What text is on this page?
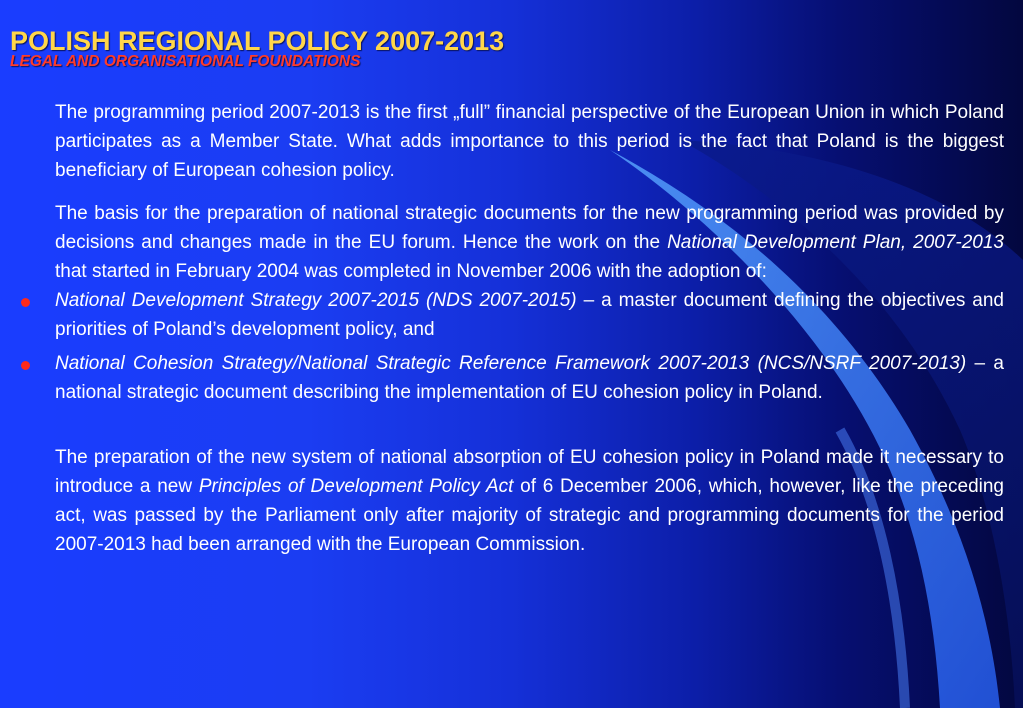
POLISH REGIONAL POLICY 2007-2013
LEGAL AND ORGANISATIONAL FOUNDATIONS

The programming period 2007-2013 is the first „full” financial perspective of the European Union in which Poland participates as a Member State. What adds importance to this period is the fact that Poland is the biggest beneficiary of European cohesion policy.

The basis for the preparation of national strategic documents for the new programming period was provided by decisions and changes made in the EU forum. Hence the work on the National Development Plan, 2007-2013 that started in February 2004 was completed in November 2006 with the adoption of:

National Development Strategy 2007-2015 (NDS 2007-2015) – a master document defining the objectives and priorities of Poland’s development policy, and
National Cohesion Strategy/National Strategic Reference Framework 2007-2013 (NCS/NSRF 2007-2013) – a national strategic document describing the implementation of EU cohesion policy in Poland.

The preparation of the new system of national absorption of EU cohesion policy in Poland made it necessary to introduce a new Principles of Development Policy Act of 6 December 2006, which, however, like the preceding act, was passed by the Parliament only after majority of strategic and programming documents for the period 2007-2013 had been arranged with the European Commission.
